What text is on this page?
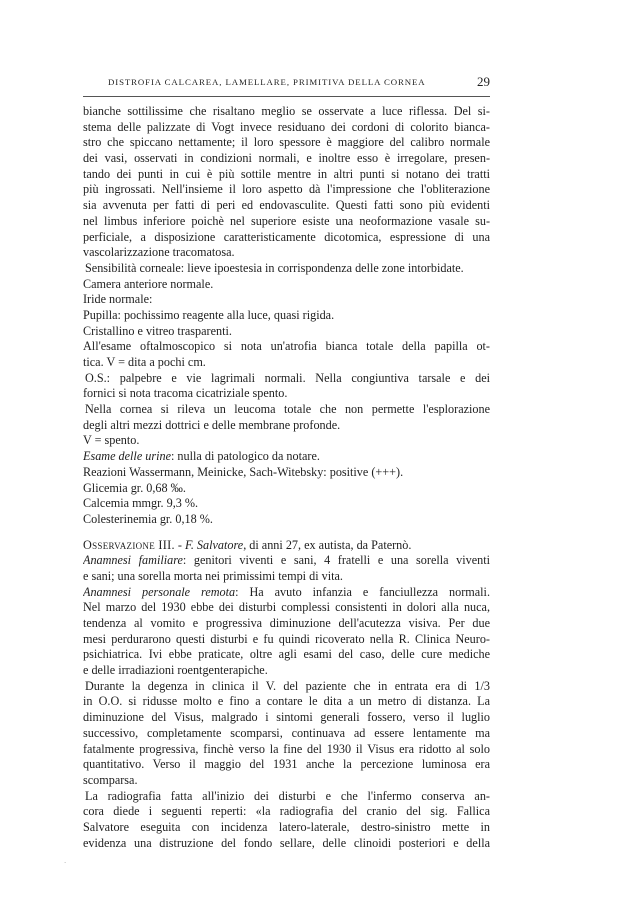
DISTROFIA CALCAREA, LAMELLARE, PRIMITIVA DELLA CORNEA	29
bianche sottilissime che risaltano meglio se osservate a luce riflessa. Del si-
stema delle palizzate di Vogt invece residuano dei cordoni di colorito bianca-
stro che spiccano nettamente; il loro spessore è maggiore del calibro normale
dei vasi, osservati in condizioni normali, e inoltre esso è irregolare, presen-
tando dei punti in cui è più sottile mentre in altri punti si notano dei tratti
più ingrossati. Nell'insieme il loro aspetto dà l'impressione che l'obliterazione
sia avvenuta per fatti di peri ed endovasculite. Questi fatti sono più evidenti
nel limbus inferiore poichè nel superiore esiste una neoformazione vasale su-
perficiale, a disposizione caratteristicamente dicotomica, espressione di una
vascolarizzazione tracomatosa.
Sensibilità corneale: lieve ipoestesia in corrispondenza delle zone intorbidate.
Camera anteriore normale.
Iride normale:
Pupilla: pochissimo reagente alla luce, quasi rigida.
Cristallino e vitreo trasparenti.
All'esame oftalmoscopico si nota un'atrofia bianca totale della papilla ot-
tica. V = dita a pochi cm.
O.S.: palpebre e vie lagrimali normali. Nella congiuntiva tarsale e dei
fornici si nota tracoma cicatriziale spento.
Nella cornea si rileva un leucoma totale che non permette l'esplorazione
degli altri mezzi dottrici e delle membrane profonde.
V = spento.
Esame delle urine: nulla di patologico da notare.
Reazioni Wassermann, Meinicke, Sach-Witebsky: positive (+++).
Glicemia gr. 0,68 ‰.
Calcemia mmgr. 9,3 %.
Colesterinemia gr. 0,18 %.
Osservazione III. - F. Salvatore, di anni 27, ex autista, da Paternò.
Anamnesi familiare: genitori viventi e sani, 4 fratelli e una sorella viventi
e sani; una sorella morta nei primissimi tempi di vita.
Anamnesi personale remota: Ha avuto infanzia e fanciullezza normali.
Nel marzo del 1930 ebbe dei disturbi complessi consistenti in dolori alla nuca,
tendenza al vomito e progressiva diminuzione dell'acutezza visiva. Per due
mesi perdurarono questi disturbi e fu quindi ricoverato nella R. Clinica Neuro-
psichiatrica. Ivi ebbe praticate, oltre agli esami del caso, delle cure mediche
e delle irradiazioni roentgenterapiche.
Durante la degenza in clinica il V. del paziente che in entrata era di 1/3
in O.O. si ridusse molto e fino a contare le dita a un metro di distanza. La
diminuzione del Visus, malgrado i sintomi generali fossero, verso il luglio
successivo, completamente scomparsi, continuava ad essere lentamente ma
fatalmente progressiva, finchè verso la fine del 1930 il Visus era ridotto al solo
quantitativo. Verso il maggio del 1931 anche la percezione luminosa era
scomparsa.
La radiografia fatta all'inizio dei disturbi e che l'infermo conserva an-
cora diede i seguenti reperti: «la radiografia del cranio del sig. Fallica
Salvatore eseguita con incidenza latero-laterale, destro-sinistro mette in
evidenza una distruzione del fondo sellare, delle clinoidi posteriori e della
.
